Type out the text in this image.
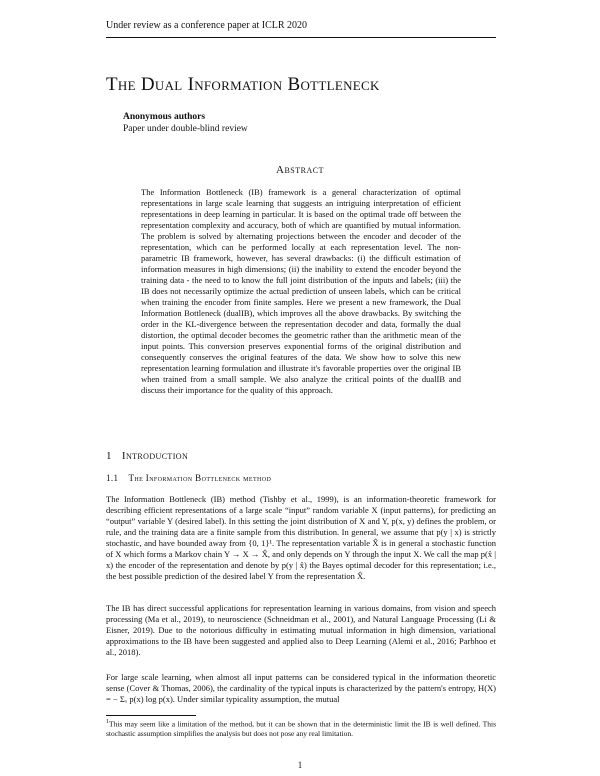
Under review as a conference paper at ICLR 2020
The Dual Information Bottleneck
Anonymous authors
Paper under double-blind review
Abstract
The Information Bottleneck (IB) framework is a general characterization of optimal representations in large scale learning that suggests an intriguing interpretation of efficient representations in deep learning in particular. It is based on the optimal trade off between the representation complexity and accuracy, both of which are quantified by mutual information. The problem is solved by alternating projections between the encoder and decoder of the representation, which can be performed locally at each representation level. The non-parametric IB framework, however, has several drawbacks: (i) the difficult estimation of information measures in high dimensions; (ii) the inability to extend the encoder beyond the training data - the need to to know the full joint distribution of the inputs and labels; (iii) the IB does not necessarily optimize the actual prediction of unseen labels, which can be critical when training the encoder from finite samples. Here we present a new framework, the Dual Information Bottleneck (dualIB), which improves all the above drawbacks. By switching the order in the KL-divergence between the representation decoder and data, formally the dual distortion, the optimal decoder becomes the geometric rather than the arithmetic mean of the input points. This conversion preserves exponential forms of the original distribution and consequently conserves the original features of the data. We show how to solve this new representation learning formulation and illustrate it's favorable properties over the original IB when trained from a small sample. We also analyze the critical points of the dualIB and discuss their importance for the quality of this approach.
1 Introduction
1.1 The Information Bottleneck method
The Information Bottleneck (IB) method (Tishby et al., 1999), is an information-theoretic framework for describing efficient representations of a large scale “input” random variable X (input patterns), for predicting an “output” variable Y (desired label). In this setting the joint distribution of X and Y, p(x, y) defines the problem, or rule, and the training data are a finite sample from this distribution. In general, we assume that p(y | x) is strictly stochastic, and have bounded away from {0, 1}¹. The representation variable X̂ is in general a stochastic function of X which forms a Markov chain Y → X → X̂, and only depends on Y through the input X. We call the map p(x̂ | x) the encoder of the representation and denote by p(y | x̂) the Bayes optimal decoder for this representation; i.e., the best possible prediction of the desired label Y from the representation X̂.
The IB has direct successful applications for representation learning in various domains, from vision and speech processing (Ma et al., 2019), to neuroscience (Schneidman et al., 2001), and Natural Language Processing (Li & Eisner, 2019). Due to the notorious difficulty in estimating mutual information in high dimension, variational approximations to the IB have been suggested and applied also to Deep Learning (Alemi et al., 2016; Parbhoo et al., 2018).
For large scale learning, when almost all input patterns can be considered typical in the information theoretic sense (Cover & Thomas, 2006), the cardinality of the typical inputs is characterized by the pattern's entropy, H(X) = − Σₓ p(x) log p(x). Under similar typicality assumption, the mutual
$^1$This may seem like a limitation of the method, but it can be shown that in the deterministic limit the IB is well defined. This stochastic assumption simplifies the analysis but does not pose any real limitation.
1
